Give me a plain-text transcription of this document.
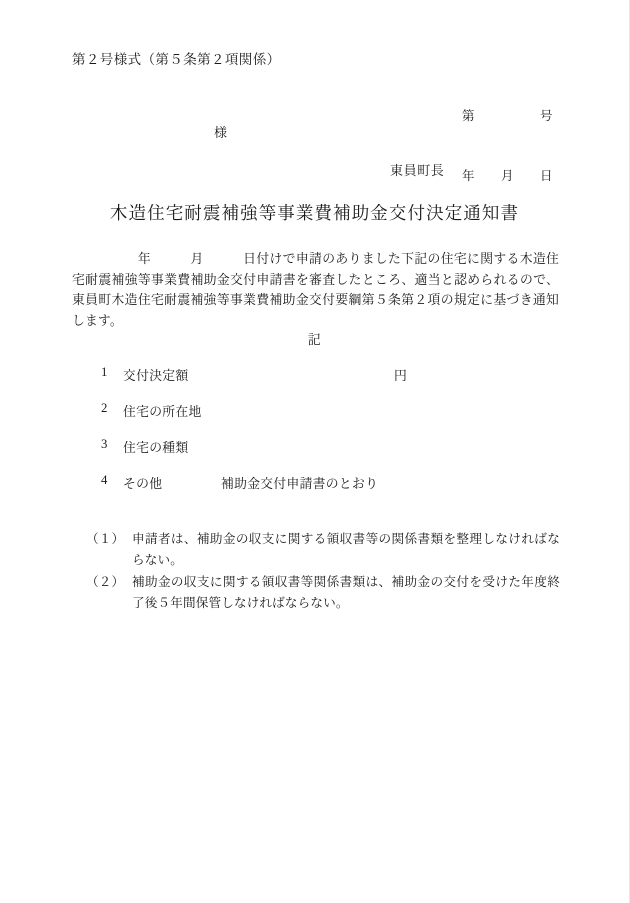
第２号様式（第５条第２項関係）

第　　　　　号

年　　月　　日

様
東員町長
木造住宅耐震補強等事業費補助金交付決定通知書
　　　　　年　　　月　　　日付けで申請のありました下記の住宅に関する木造住宅耐震補強等事業費補助金交付申請書を審査したところ、適当と認められるので、東員町木造住宅耐震補強等事業費補助金交付要綱第５条第２項の規定に基づき通知します。
記
1 交付決定額	円
2 住宅の所在地
3 住宅の種類
4 その他	補助金交付申請書のとおり
（１） 申請者は、補助金の収支に関する領収書等の関係書類を整理しなければならない。
（２） 補助金の収支に関する領収書等関係書類は、補助金の交付を受けた年度終了後５年間保管しなければならない。
